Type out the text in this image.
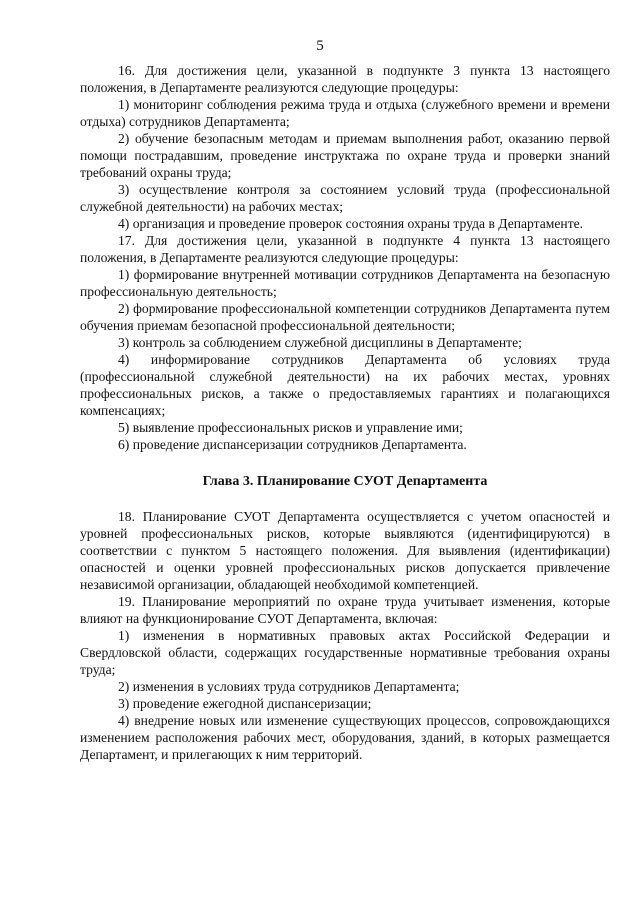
5

16. Для достижения цели, указанной в подпункте 3 пункта 13 настоящего положения, в Департаменте реализуются следующие процедуры:

1) мониторинг соблюдения режима труда и отдыха (служебного времени и времени отдыха) сотрудников Департамента;

2) обучение безопасным методам и приемам выполнения работ, оказанию первой помощи пострадавшим, проведение инструктажа по охране труда и проверки знаний требований охраны труда;

3) осуществление контроля за состоянием условий труда (профессиональной служебной деятельности) на рабочих местах;

4) организация и проведение проверок состояния охраны труда в Департаменте.

17. Для достижения цели, указанной в подпункте 4 пункта 13 настоящего положения, в Департаменте реализуются следующие процедуры:

1) формирование внутренней мотивации сотрудников Департамента на безопасную профессиональную деятельность;

2) формирование профессиональной компетенции сотрудников Департамента путем обучения приемам безопасной профессиональной деятельности;

3) контроль за соблюдением служебной дисциплины в Департаменте;

4) информирование сотрудников Департамента об условиях труда (профессиональной служебной деятельности) на их рабочих местах, уровнях профессиональных рисков, а также о предоставляемых гарантиях и полагающихся компенсациях;

5) выявление профессиональных рисков и управление ими;

6) проведение диспансеризации сотрудников Департамента.

Глава 3. Планирование СУОТ Департамента

18. Планирование СУОТ Департамента осуществляется с учетом опасностей и уровней профессиональных рисков, которые выявляются (идентифицируются) в соответствии с пунктом 5 настоящего положения. Для выявления (идентификации) опасностей и оценки уровней профессиональных рисков допускается привлечение независимой организации, обладающей необходимой компетенцией.

19. Планирование мероприятий по охране труда учитывает изменения, которые влияют на функционирование СУОТ Департамента, включая:

1) изменения в нормативных правовых актах Российской Федерации и Свердловской области, содержащих государственные нормативные требования охраны труда;

2) изменения в условиях труда сотрудников Департамента;

3) проведение ежегодной диспансеризации;

4) внедрение новых или изменение существующих процессов, сопровождающихся изменением расположения рабочих мест, оборудования, зданий, в которых размещается Департамент, и прилегающих к ним территорий.
